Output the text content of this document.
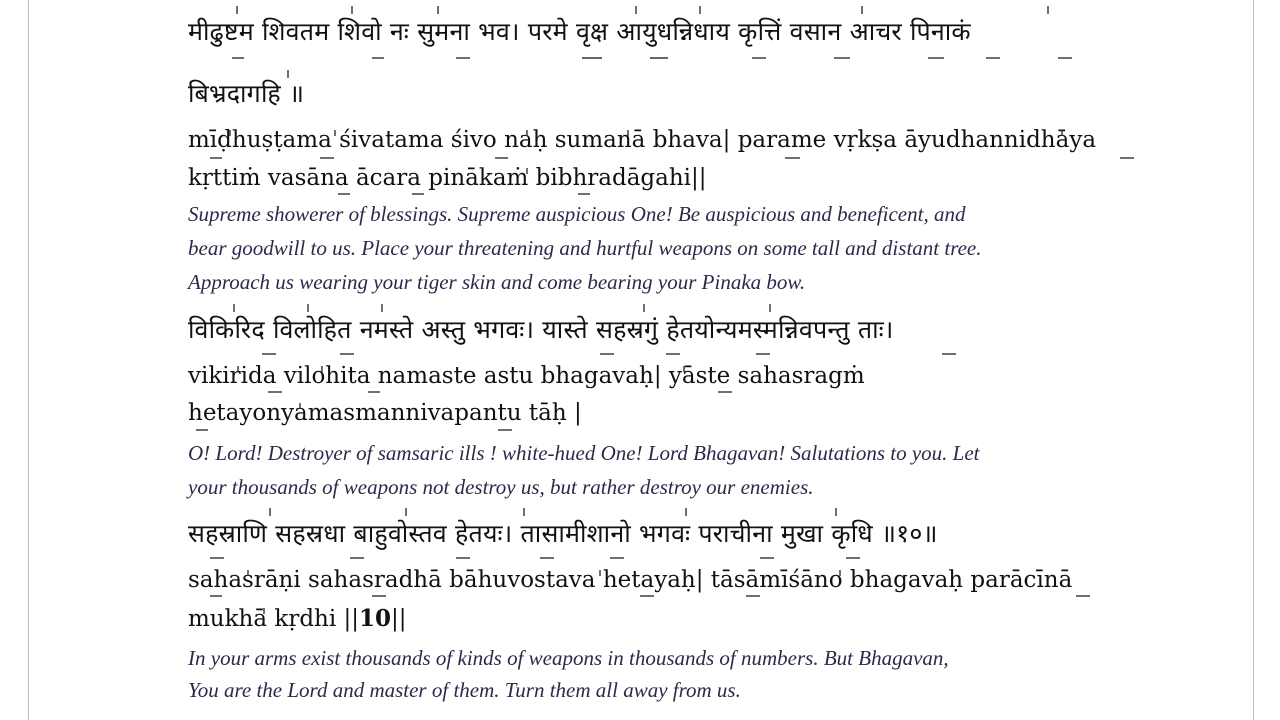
मीढुष्टम शिवतम शिवो नः सुमना भव। परमे वृक्ष आयुधन्निधाय कृत्तिं वसान आचर पिनाकं
बिभ्रदागहि ॥
mīḍhuṣṭama śivatama śivo naḥ sumanā bhava| parame vṛkṣa āyudhannidhāya
kṛttiṁ vasāna ācara pinākaṁ bibhradāgahi||
Supreme showerer of blessings. Supreme auspicious One! Be auspicious and beneficent, and
bear goodwill to us. Place your threatening and hurtful weapons on some tall and distant tree.
Approach us wearing your tiger skin and come bearing your Pinaka bow.
विकिरिद विलोहित नमस्ते अस्तु भगवः। यास्ते सहस्रगुं हेतयोन्यमस्मन्निवपन्तु ताः।
vikirida vilohita namaste astu bhagavaḥ| yāste sahasragṁ
hetayonyamasmannivapantu tāḥ |
O! Lord! Destroyer of samsaric ills ! white-hued One! Lord Bhagavan! Salutations to you. Let
your thousands of weapons not destroy us, but rather destroy our enemies.
सहस्राणि सहस्रधा बाहुवोस्तव हेतयः। तासामीशानो भगवः पराचीना मुखा कृधि ॥१०॥
sahasrāṇi sahasradhā bāhuvostava hetayaḥ| tāsāmīśāno bhagavaḥ parācīnā
mukhā kṛdhi ||10||
In your arms exist thousands of kinds of weapons in thousands of numbers. But Bhagavan,
You are the Lord and master of them. Turn them all away from us.
